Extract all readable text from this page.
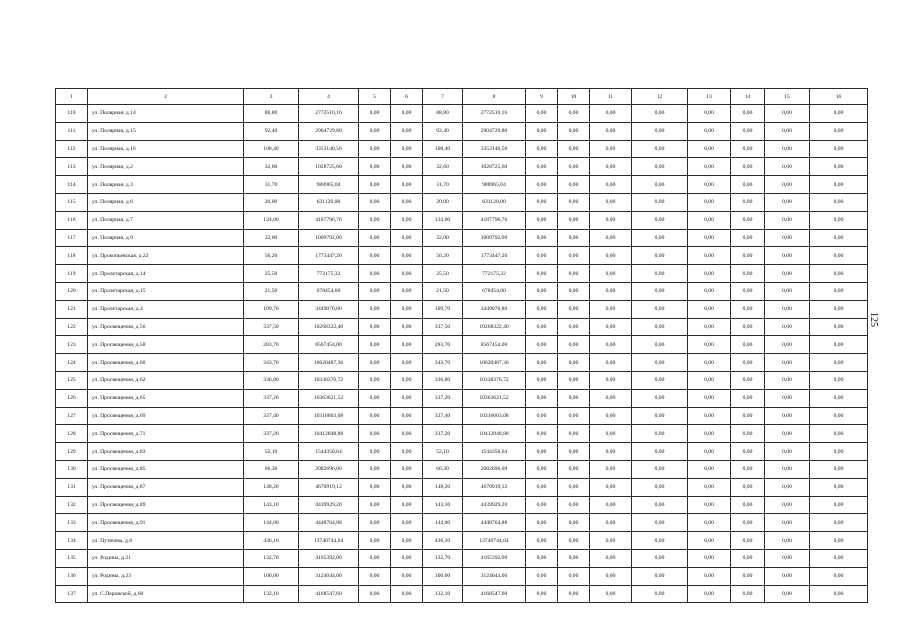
1	2	3	4	5	6	7	8	9	10	11	12	13	14	15	16
110	ул. Полярная, д.14	88,80	2772510,16	0,00	0,00	88,80	2772510,16	0,00	0,00	0,00	0,00	0,00	0,00	0,00	0,00
111	ул. Полярная, д.15	92,40	2904729,80	0,00	0,00	92,40	2904729,80	0,00	0,00	0,00	0,00	0,00	0,00	0,00	0,00
112	ул. Полярная, д.16	108,40	3353140,56	0,00	0,00	108,40	3353140,56	0,00	0,00	0,00	0,00	0,00	0,00	0,00	0,00
113	ул. Полярная, д.2	32,60	1028725,60	0,00	0,00	32,60	1028725,60	0,00	0,00	0,00	0,00	0,00	0,00	0,00	0,00
114	ул. Полярная, д.3	31,70	988965,04	0,00	0,00	31,70	988965,04	0,00	0,00	0,00	0,00	0,00	0,00	0,00	0,00
115	ул. Полярная, д.6	20,00	631120,00	0,00	0,00	20,00	631120,00	0,00	0,00	0,00	0,00	0,00	0,00	0,00	0,00
116	ул. Полярная, д.7	134,00	4187796,76	0,00	0,00	134,00	4187796,76	0,00	0,00	0,00	0,00	0,00	0,00	0,00	0,00
117	ул. Полярная, д.9	32,00	1009792,00	0,00	0,00	32,00	1009792,00	0,00	0,00	0,00	0,00	0,00	0,00	0,00	0,00
118	ул. Прокопьевская, д.22	56,20	1773447,20	0,00	0,00	56,20	1773447,20	0,00	0,00	0,00	0,00	0,00	0,00	0,00	0,00
119	ул. Пролетарская, д.14	25,50	772175,32	0,00	0,00	25,50	772175,32	0,00	0,00	0,00	0,00	0,00	0,00	0,00	0,00
120	ул. Пролетарская, д.15	21,50	678454,00	0,00	0,00	21,50	678454,00	0,00	0,00	0,00	0,00	0,00	0,00	0,00	0,00
121	ул. Пролетарская, д.4	109,70	3449070,80	0,00	0,00	109,70	3449070,80	0,00	0,00	0,00	0,00	0,00	0,00	0,00	0,00
122	ул. Просвещения, д.56	337,50	10268322,40	0,00	0,00	337,50	10268322,40	0,00	0,00	0,00	0,00	0,00	0,00	0,00	0,00
123	ул. Просвещения, д.58	283,70	8567454,00	0,00	0,00	283,70	8567454,00	0,00	0,00	0,00	0,00	0,00	0,00	0,00	0,00
124	ул. Просвещения, д.60	343,70	10620487,36	0,00	0,00	343,70	10620487,36	0,00	0,00	0,00	0,00	0,00	0,00	0,00	0,00
125	ул. Просвещения, д.62	336,80	10338376,72	0,00	0,00	336,80	10338376,72	0,00	0,00	0,00	0,00	0,00	0,00	0,00	0,00
126	ул. Просвещения, д.65	337,20	10363621,52	0,00	0,00	337,20	10363621,52	0,00	0,00	0,00	0,00	0,00	0,00	0,00	0,00
127	ул. Просвещения, д.69	337,40	10316603,08	0,00	0,00	337,40	10316603,08	0,00	0,00	0,00	0,00	0,00	0,00	0,00	0,00
128	ул. Просвещения, д.71	337,20	10412848,88	0,00	0,00	337,20	10412848,88	0,00	0,00	0,00	0,00	0,00	0,00	0,00	0,00
129	ул. Просвещения, д.83	52,10	1544350,64	0,00	0,00	52,10	1544350,64	0,00	0,00	0,00	0,00	0,00	0,00	0,00	0,00
130	ул. Просвещения, д.85	66,30	2082696,00	0,00	0,00	66,30	2082696,00	0,00	0,00	0,00	0,00	0,00	0,00	0,00	0,00
131	ул. Просвещения, д.87	148,20	4670919,12	0,00	0,00	148,20	4670919,12	0,00	0,00	0,00	0,00	0,00	0,00	0,00	0,00
132	ул. Просвещения, д.89	143,10	4439929,20	0,00	0,00	143,10	4439929,20	0,00	0,00	0,00	0,00	0,00	0,00	0,00	0,00
133	ул. Просвещения, д.91	144,00	4448764,88	0,00	0,00	144,00	4448764,88	0,00	0,00	0,00	0,00	0,00	0,00	0,00	0,00
134	ул. Путячева, д.8	436,10	13740744,64	0,00	0,00	436,10	13740744,64	0,00	0,00	0,00	0,00	0,00	0,00	0,00	0,00
135	ул. Родины, д.21	132,70	4165392,00	0,00	0,00	132,70	4165392,00	0,00	0,00	0,00	0,00	0,00	0,00	0,00	0,00
136	ул. Родины, д.23	100,00	3124044,00	0,00	0,00	100,00	3124044,00	0,00	0,00	0,00	0,00	0,00	0,00	0,00	0,00
137	ул. С.Перовской, д.60	132,10	4168547,60	0,00	0,00	132,10	4168547,60	0,00	0,00	0,00	0,00	0,00	0,00	0,00	0,00
125
